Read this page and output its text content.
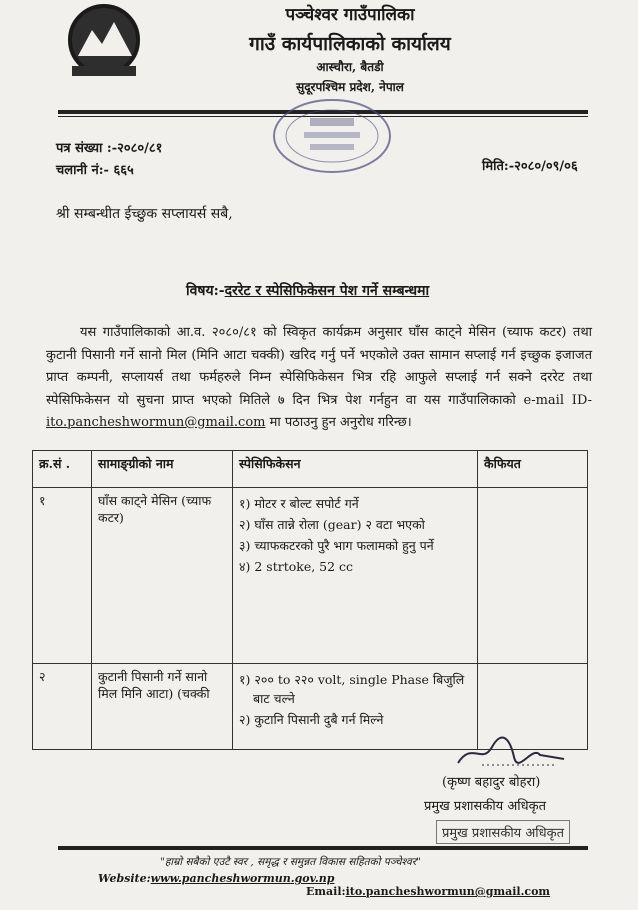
पञ्चेश्वर गाउँपालिका
गाउँ कार्यपालिकाको कार्यालय
आस्चौरा, बैतडी
सुदूरपश्चिम प्रदेश, नेपाल
पत्र संख्या :-२०८०/८१
चलानी नं:- ६६५	मिति:-२०८०/०९/०६
श्री सम्बन्धीत ईच्छुक सप्लायर्स सबै,
विषय:-दररेट र स्पेसिफिकेसन पेश गर्ने सम्बन्धमा
यस गाउँपालिकाको आ.व. २०८०/८१ को स्विकृत कार्यक्रम अनुसार घाँस काट्ने मेसिन (च्याफ कटर) तथा कुटानी पिसानी गर्ने सानो मिल (मिनि आटा चक्की) खरिद गर्नु पर्ने भएकोले उक्त सामान सप्लाई गर्न इच्छुक इजाजत प्राप्त कम्पनी, सप्लायर्स तथा फर्महरुले निम्न स्पेसिफिकेसन भित्र रहि आफुले सप्लाई गर्न सक्ने दररेट तथा स्पेसिफिकेसन यो सुचना प्राप्त भएको मितिले ७ दिन भित्र पेश गर्नहुन वा यस गाउँपालिकाको e-mail ID- ito.pancheshwormun@gmail.com मा पठाउनु हुन अनुरोध गरिन्छ।
क्र.सं .	सामाङ्ग्रीको नाम	स्पेसिफिकेसन	कैफियत
१	घाँस काट्ने मेसिन (च्याफ कटर)	१) मोटर र बोल्ट सपोर्ट गर्ने
२) घाँस तान्ने रोला (gear) २ वटा भएको
३) च्याफकटरको पुरै भाग फलामको हुनु पर्ने
४) 2 strtoke, 52 cc	

२	कुटानी पिसानी गर्ने सानो मिल मिनि आटा) (चक्की	१) २०० to २२० volt, single Phase बिजुलि बाट चल्ने
२) कुटानि पिसानी दुबै गर्न मिल्ने	

(कृष्ण बहादुर बोहरा)
प्रमुख प्रशासकीय अधिकृत
प्रमुख प्रशासकीय अधिकृत
"हाम्रो सबैको एउटै स्वर , समृद्ध र समुन्नत विकास सहितको पञ्चेश्वर"
Website:www.pancheshwormun.gov.np
Email:ito.pancheshwormun@gmail.com
